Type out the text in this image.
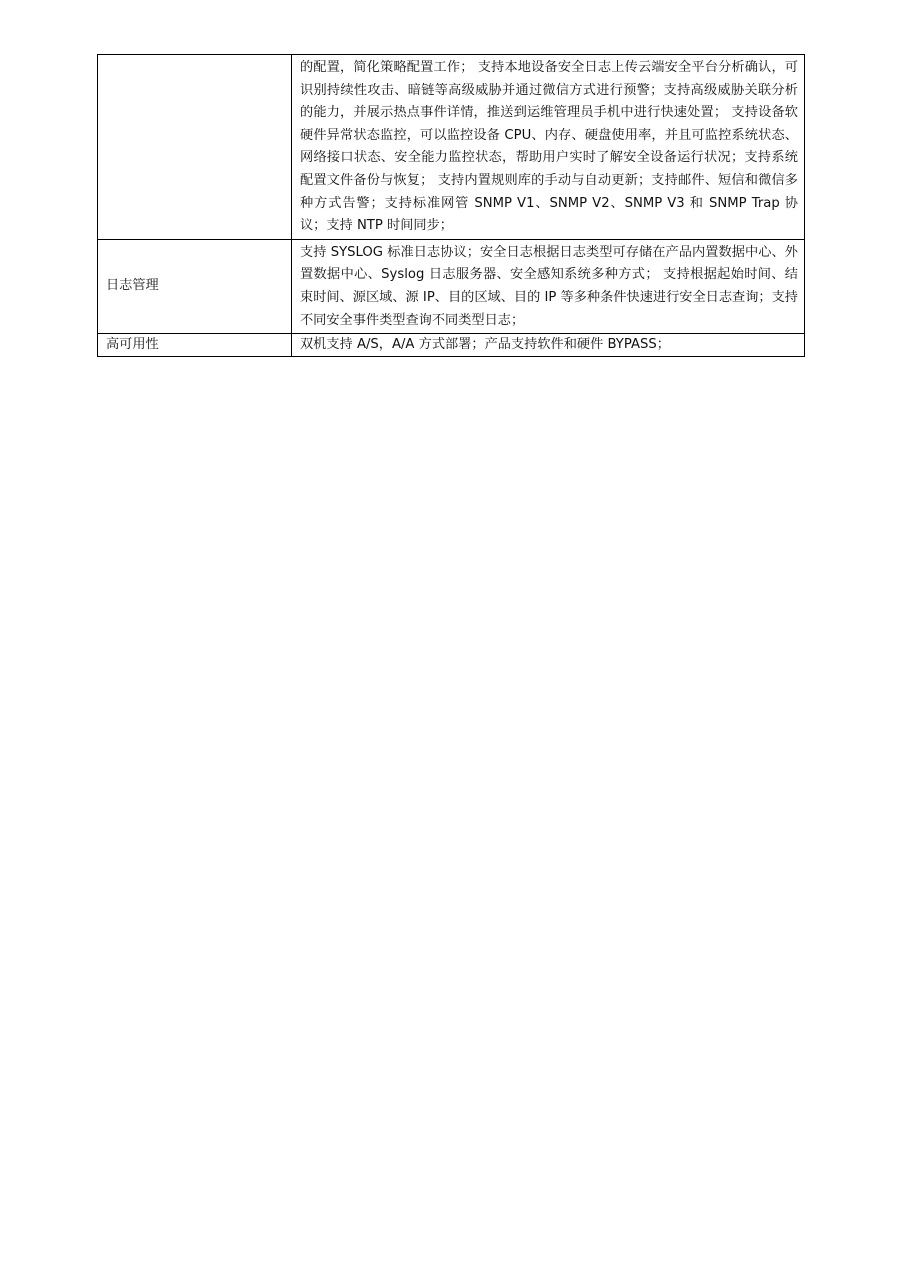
	的配置，简化策略配置工作； 支持本地设备安全日志上传云端安全平台分析确认，可识别持续性攻击、暗链等高级威胁并通过微信方式进行预警；支持高级威胁关联分析的能力，并展示热点事件详情，推送到运维管理员手机中进行快速处置； 支持设备软硬件异常状态监控，可以监控设备 CPU、内存、硬盘使用率，并且可监控系统状态、网络接口状态、安全能力监控状态，帮助用户实时了解安全设备运行状况；支持系统配置文件备份与恢复； 支持内置规则库的手动与自动更新；支持邮件、短信和微信多种方式告警；支持标准网管 SNMP V1、SNMP V2、SNMP V3 和 SNMP Trap 协议；支持 NTP 时间同步；
日志管理	支持 SYSLOG 标准日志协议；安全日志根据日志类型可存储在产品内置数据中心、外置数据中心、Syslog 日志服务器、安全感知系统多种方式； 支持根据起始时间、结束时间、源区域、源 IP、目的区域、目的 IP 等多种条件快速进行安全日志查询；支持不同安全事件类型查询不同类型日志；
高可用性	双机支持 A/S，A/A 方式部署；产品支持软件和硬件 BYPASS；
